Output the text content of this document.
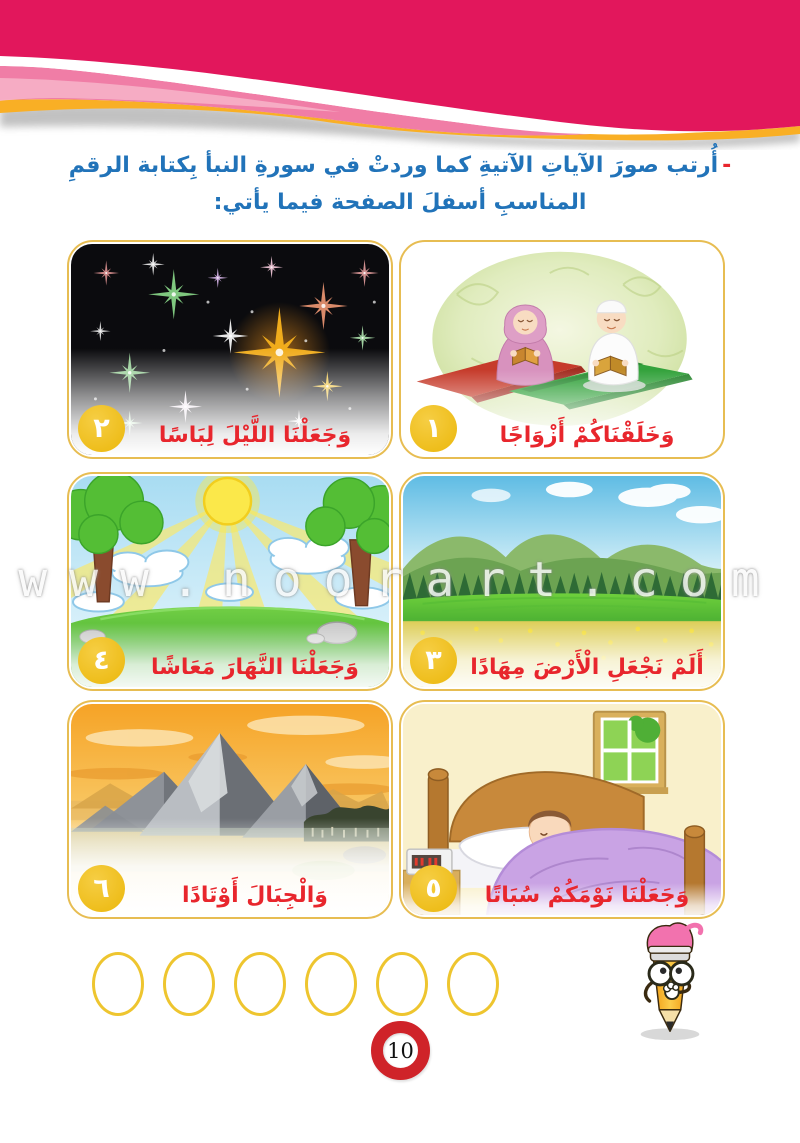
-أُرتب صورَ الآياتِ الآتيةِ كما وردتْ في سورةِ النبأ بِكتابة الرقمِ
المناسبِ أسفلَ الصفحة فيما يأتي:
١	وَخَلَقْنَاكُمْ أَزْوَاجًا
٢	وَجَعَلْنَا اللَّيْلَ لِبَاسًا
٣	أَلَمْ نَجْعَلِ الْأَرْضَ مِهَادًا
٤	وَجَعَلْنَا النَّهَارَ مَعَاشًا
٥	وَجَعَلْنَا نَوْمَكُمْ سُبَاتًا
٦	وَالْجِبَالَ أَوْتَادًا
www.noorart.com
10
